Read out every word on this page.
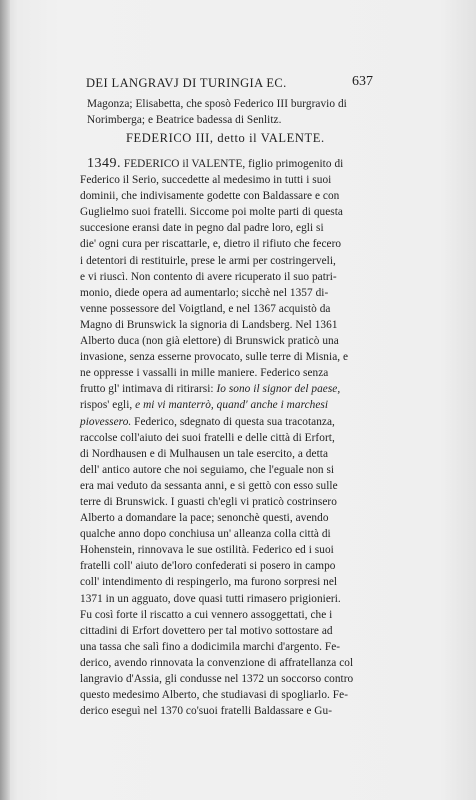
DEI LANGRAVJ DI TURINGIA EC.	637
Magonza; Elisabetta, che sposò Federico III burgravio di
Norimberga; e Beatrice badessa di Senlitz.
FEDERICO III, detto il VALENTE.
1349. FEDERICO il VALENTE, figlio primogenito di
Federico il Serio, succedette al medesimo in tutti i suoi
dominii, che indivisamente godette con Baldassare e con
Guglielmo suoi fratelli. Siccome poi molte parti di questa
succesione eransi date in pegno dal padre loro, egli si
die' ogni cura per riscattarle, e, dietro il rifiuto che fecero
i detentori di restituirle, prese le armi per costringerveli,
e vi riuscì. Non contento di avere ricuperato il suo patri-
monio, diede opera ad aumentarlo; sicchè nel 1357 di-
venne possessore del Voigtland, e nel 1367 acquistò da
Magno di Brunswick la signoria di Landsberg. Nel 1361
Alberto duca (non già elettore) di Brunswick praticò una
invasione, senza esserne provocato, sulle terre di Misnia, e
ne oppresse i vassalli in mille maniere. Federico senza
frutto gl' intimava di ritirarsi: Io sono il signor del paese,
rispos' egli, e mi vi manterrò, quand' anche i marchesi
piovessero. Federico, sdegnato di questa sua tracotanza,
raccolse coll'aiuto dei suoi fratelli e delle città di Erfort,
di Nordhausen e di Mulhausen un tale esercito, a detta
dell' antico autore che noi seguiamo, che l'eguale non si
era mai veduto da sessanta anni, e si gettò con esso sulle
terre di Brunswick. I guasti ch'egli vi praticò costrinsero
Alberto a domandare la pace; senonchè questi, avendo
qualche anno dopo conchiusa un' alleanza colla città di
Hohenstein, rinnovava le sue ostilità. Federico ed i suoi
fratelli coll' aiuto de'loro confederati si posero in campo
coll' intendimento di respingerlo, ma furono sorpresi nel
1371 in un agguato, dove quasi tutti rimasero prigionieri.
Fu così forte il riscatto a cui vennero assoggettati, che i
cittadini di Erfort dovettero per tal motivo sottostare ad
una tassa che salì fino a dodicimila marchi d'argento. Fe-
derico, avendo rinnovata la convenzione di affratellanza col
langravio d'Assia, gli condusse nel 1372 un soccorso contro
questo medesimo Alberto, che studiavasi di spogliarlo. Fe-
derico eseguì nel 1370 co'suoi fratelli Baldassare e Gu-
